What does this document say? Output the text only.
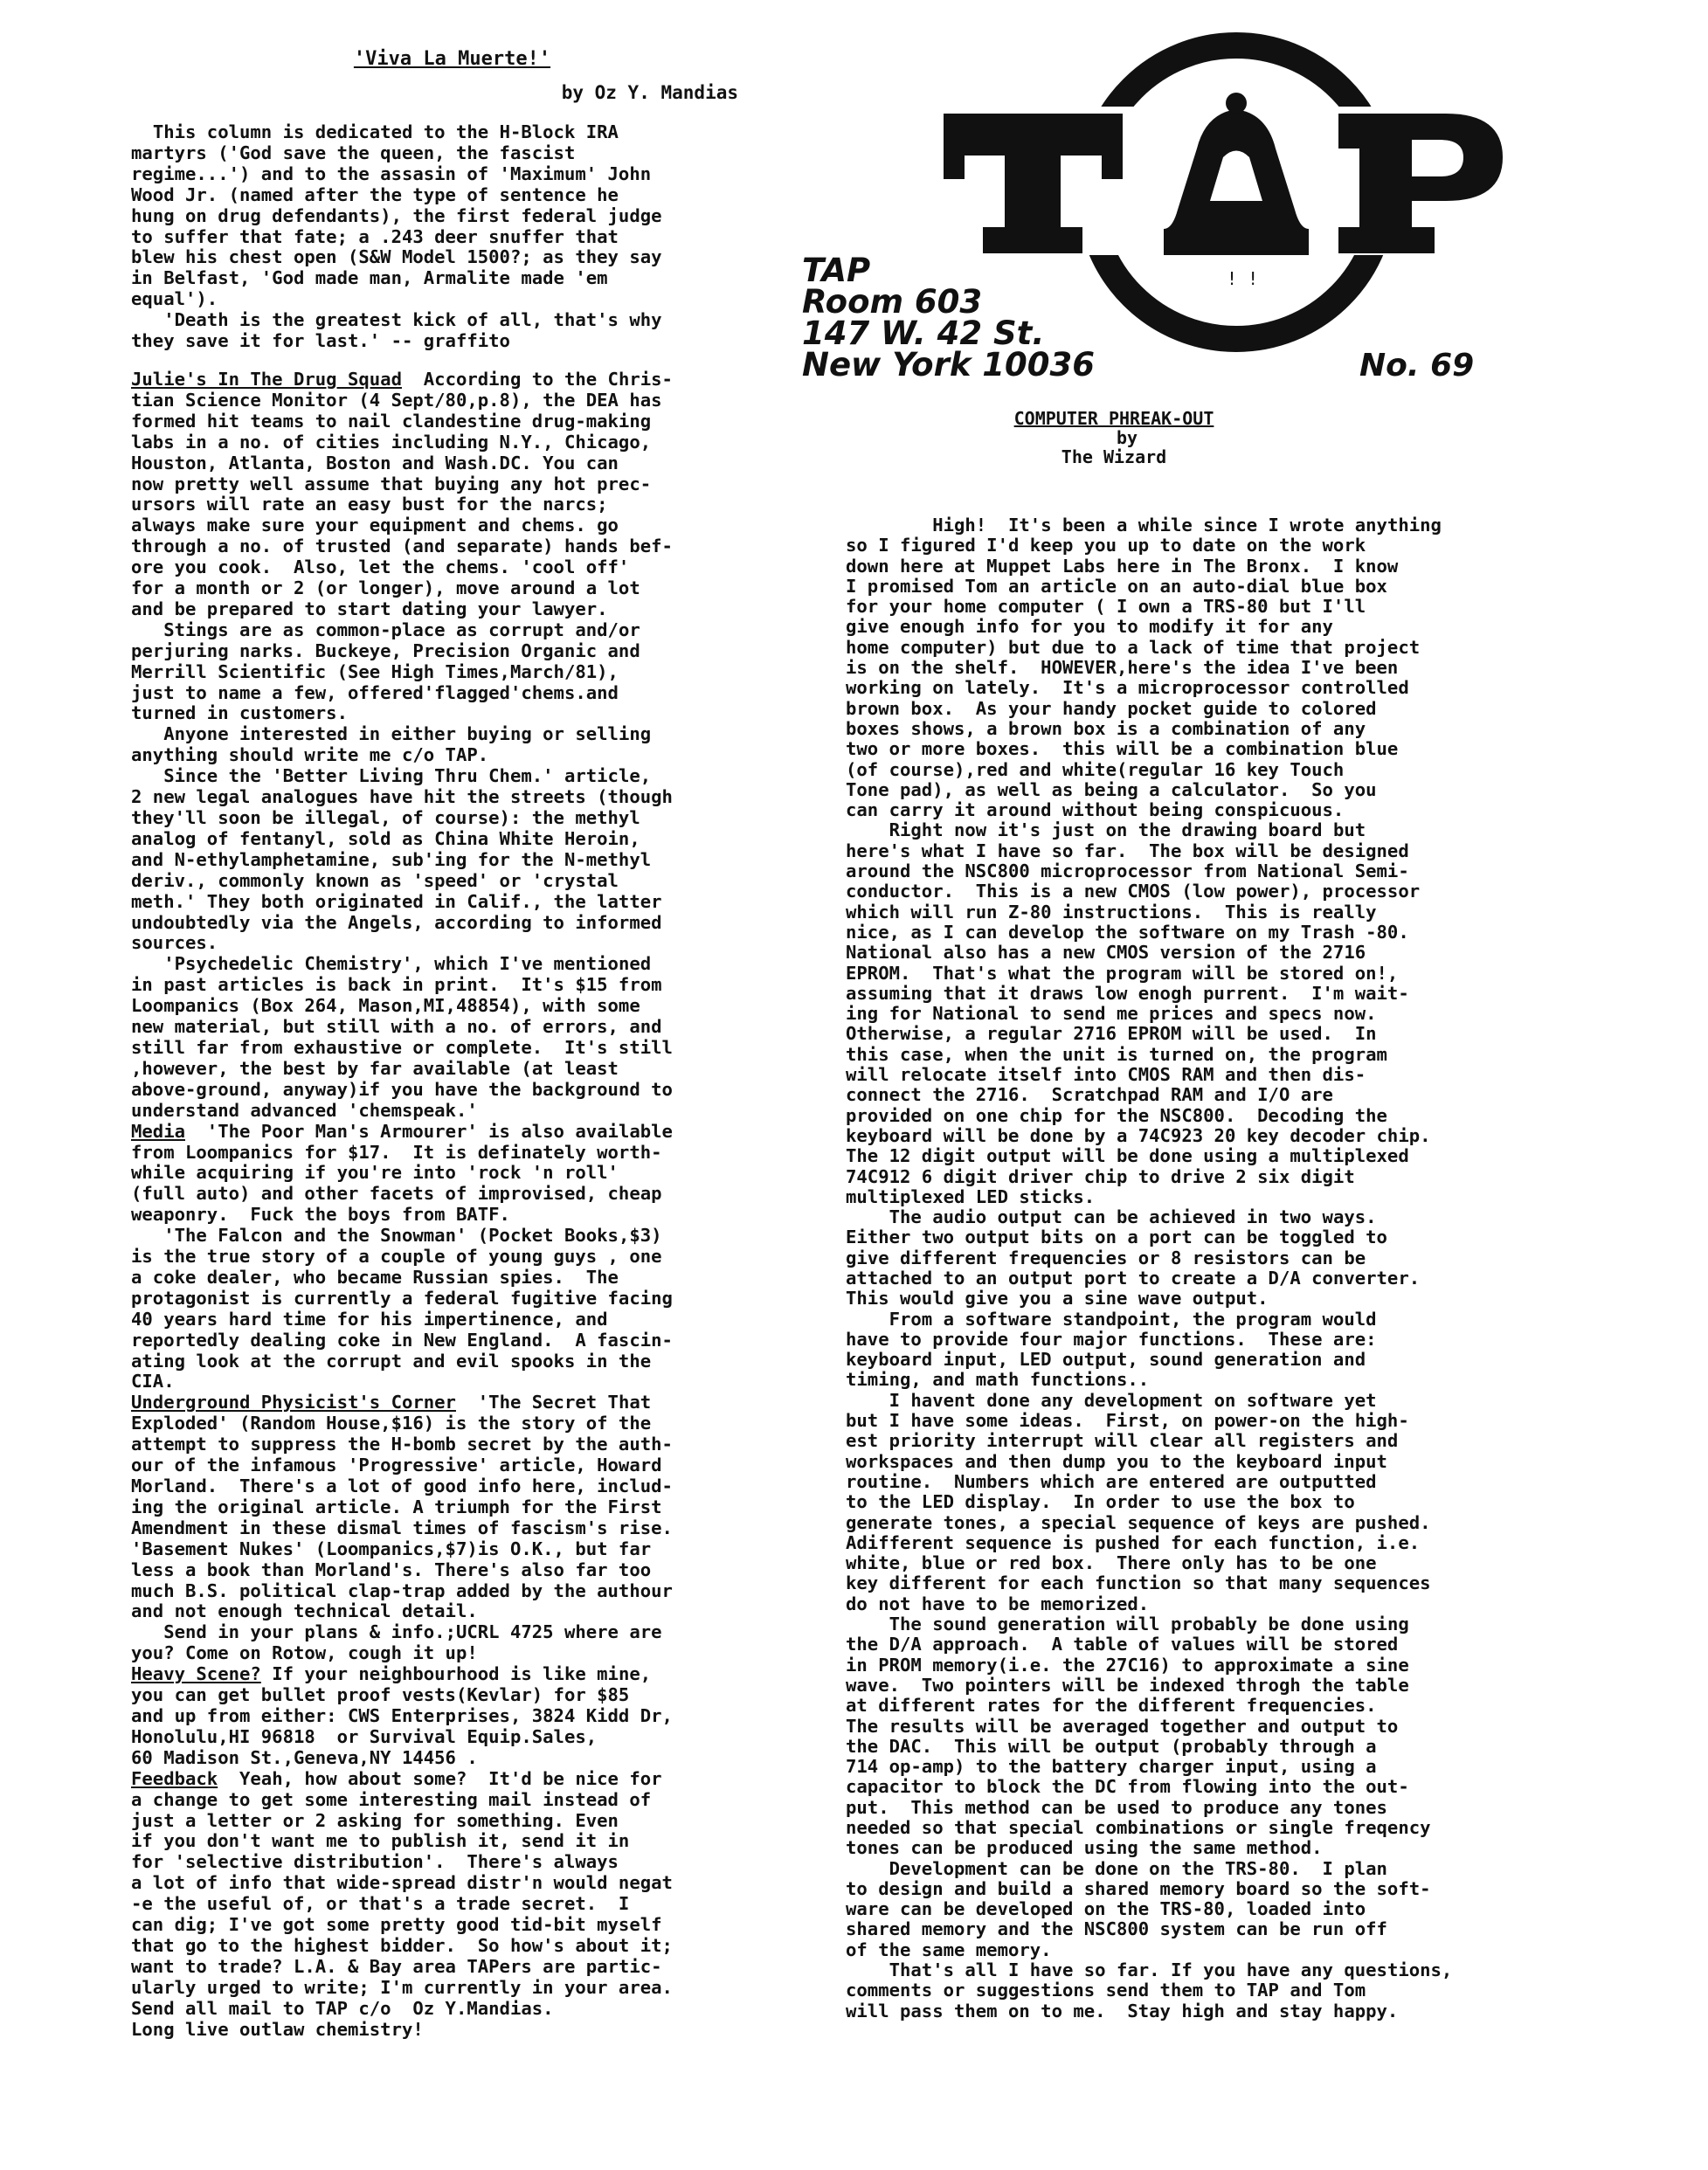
'Viva La Muerte!'
by Oz Y. Mandias

This column is dedicated to the H-Block IRA
martyrs ('God save the queen, the fascist
regime...') and to the assasin of 'Maximum' John
Wood Jr. (named after the type of sentence he
hung on drug defendants), the first federal judge
to suffer that fate; a .243 deer snuffer that
blew his chest open (S&W Model 1500?; as they say
in Belfast, 'God made man, Armalite made 'em
equal').

'Death is the greatest kick of all, that's why
they save it for last.' -- graffito

Julie's In The Drug Squad  According to the Chris-
tian Science Monitor (4 Sept/80,p.8), the DEA has
formed hit teams to nail clandestine drug-making
labs in a no. of cities including N.Y., Chicago,
Houston, Atlanta, Boston and Wash.DC. You can
now pretty well assume that buying any hot prec-
ursors will rate an easy bust for the narcs;
always make sure your equipment and chems. go
through a no. of trusted (and separate) hands bef-
ore you cook.  Also, let the chems. 'cool off'
for a month or 2 (or longer), move around a lot
and be prepared to start dating your lawyer.
Stings are as common-place as corrupt and/or
perjuring narks. Buckeye, Precision Organic and
Merrill Scientific (See High Times,March/81),
just to name a few, offered'flagged'chems.and
turned in customers.
Anyone interested in either buying or selling
anything should write me c/o TAP.
Since the 'Better Living Thru Chem.' article,
2 new legal analogues have hit the streets (though
they'll soon be illegal, of course): the methyl
analog of fentanyl, sold as China White Heroin,
and N-ethylamphetamine, sub'ing for the N-methyl
deriv., commonly known as 'speed' or 'crystal
meth.' They both originated in Calif., the latter
undoubtedly via the Angels, according to informed
sources.
'Psychedelic Chemistry', which I've mentioned
in past articles is back in print.  It's $15 from
Loompanics (Box 264, Mason,MI,48854), with some
new material, but still with a no. of errors, and
still far from exhaustive or complete.  It's still
,however, the best by far available (at least
above-ground, anyway)if you have the background to
understand advanced 'chemspeak.'

Media  'The Poor Man's Armourer' is also available
from Loompanics for $17.  It is definately worth-
while acquiring if you're into 'rock 'n roll'
(full auto) and other facets of improvised, cheap
weaponry.  Fuck the boys from BATF.
'The Falcon and the Snowman' (Pocket Books,$3)
is the true story of a couple of young guys , one
a coke dealer, who became Russian spies.  The
protagonist is currently a federal fugitive facing
40 years hard time for his impertinence, and
reportedly dealing coke in New England.  A fascin-
ating look at the corrupt and evil spooks in the
CIA.

Underground Physicist's Corner  'The Secret That
Exploded' (Random House,$16) is the story of the
attempt to suppress the H-bomb secret by the auth-
our of the infamous 'Progressive' article, Howard
Morland.  There's a lot of good info here, includ-
ing the original article. A triumph for the First
Amendment in these dismal times of fascism's rise.
'Basement Nukes' (Loompanics,$7)is O.K., but far
less a book than Morland's. There's also far too
much B.S. political clap-trap added by the authour
and not enough technical detail.
Send in your plans & info.;UCRL 4725 where are
you? Come on Rotow, cough it up!

Heavy Scene? If your neighbourhood is like mine,
you can get bullet proof vests(Kevlar) for $85
and up from either: CWS Enterprises, 3824 Kidd Dr,
Honolulu,HI 96818  or Survival Equip.Sales,
60 Madison St.,Geneva,NY 14456 .

Feedback  Yeah, how about some?  It'd be nice for
a change to get some interesting mail instead of
just a letter or 2 asking for something. Even
if you don't want me to publish it, send it in
for 'selective distribution'.  There's always
a lot of info that wide-spread distr'n would negat
-e the useful of, or that's a trade secret.  I
can dig; I've got some pretty good tid-bit myself
that go to the highest bidder.  So how's about it;
want to trade? L.A. & Bay area TAPers are partic-
ularly urged to write; I'm currently in your area.
Send all mail to TAP c/o  Oz Y.Mandias.
Long live outlaw chemistry!

! !
TAP
Room 603
147 W. 42 St.
New York 10036	No. 69
COMPUTER PHREAK-OUT
by
The Wizard

High!  It's been a while since I wrote anything
so I figured I'd keep you up to date on the work
down here at Muppet Labs here in The Bronx.  I know
I promised Tom an article on an auto-dial blue box
for your home computer ( I own a TRS-80 but I'll
give enough info for you to modify it for any
home computer) but due to a lack of time that project
is on the shelf.  HOWEVER,here's the idea I've been
working on lately.  It's a microprocessor controlled
brown box.  As your handy pocket guide to colored
boxes shows, a brown box is a combination of any
two or more boxes.  this will be a combination blue
(of course),red and white(regular 16 key Touch
Tone pad), as well as being a calculator.  So you
can carry it around without being conspicuous.
Right now it's just on the drawing board but
here's what I have so far.  The box will be designed
around the NSC800 microprocessor from National Semi-
conductor.  This is a new CMOS (low power), processor
which will run Z-80 instructions.  This is really
nice, as I can develop the software on my Trash -80.
National also has a new CMOS version of the 2716
EPROM.  That's what the program will be stored on!,
assuming that it draws low enogh purrent.  I'm wait-
ing for National to send me prices and specs now.
Otherwise, a regular 2716 EPROM will be used.  In
this case, when the unit is turned on, the program
will relocate itself into CMOS RAM and then dis-
connect the 2716.  Scratchpad RAM and I/O are
provided on one chip for the NSC800.  Decoding the
keyboard will be done by a 74C923 20 key decoder chip.
The 12 digit output will be done using a multiplexed
74C912 6 digit driver chip to drive 2 six digit
multiplexed LED sticks.
The audio output can be achieved in two ways.
Either two output bits on a port can be toggled to
give different frequencies or 8 resistors can be
attached to an output port to create a D/A converter.
This would give you a sine wave output.
From a software standpoint, the program would
have to provide four major functions.  These are:
keyboard input, LED output, sound generation and
timing, and math functions..
I havent done any development on software yet
but I have some ideas.  First, on power-on the high-
est priority interrupt will clear all registers and
workspaces and then dump you to the keyboard input
routine.  Numbers which are entered are outputted
to the LED display.  In order to use the box to
generate tones, a special sequence of keys are pushed.
Adifferent sequence is pushed for each function, i.e.
white, blue or red box.  There only has to be one
key different for each function so that many sequences
do not have to be memorized.
The sound generation will probably be done using
the D/A approach.  A table of values will be stored
in PROM memory(i.e. the 27C16) to approximate a sine
wave.  Two pointers will be indexed throgh the table
at different rates for the different frequencies.
The results will be averaged together and output to
the DAC.  This will be output (probably through a
714 op-amp) to the battery charger input, using a
capacitor to block the DC from flowing into the out-
put.  This method can be used to produce any tones
needed so that special combinations or single freqency
tones can be produced using the same method.
Development can be done on the TRS-80.  I plan
to design and build a shared memory board so the soft-
ware can be developed on the TRS-80, loaded into
shared memory and the NSC800 system can be run off
of the same memory.
That's all I have so far. If you have any questions,
comments or suggestions send them to TAP and Tom
will pass them on to me.  Stay high and stay happy.
